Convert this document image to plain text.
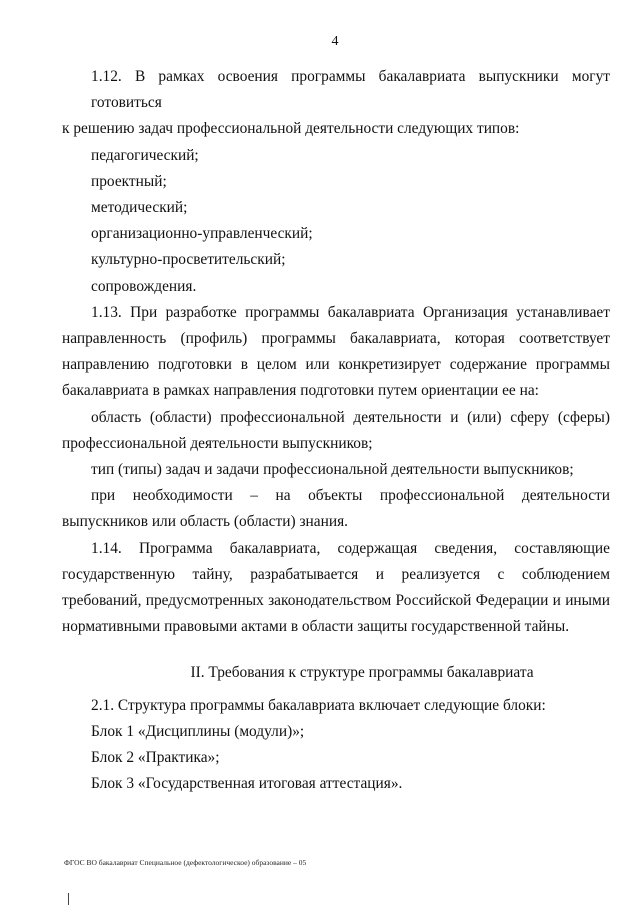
4

1.12. В рамках освоения программы бакалавриата выпускники могут готовиться

к решению задач профессиональной деятельности следующих типов:

педагогический;

проектный;

методический;

организационно-управленческий;

культурно-просветительский;

сопровождения.

1.13. При разработке программы бакалавриата Организация устанавливает направленность (профиль) программы бакалавриата, которая соответствует направлению подготовки в целом или конкретизирует содержание программы бакалавриата в рамках направления подготовки путем ориентации ее на:

область (области) профессиональной деятельности и (или) сферу (сферы) профессиональной деятельности выпускников;

тип (типы) задач и задачи профессиональной деятельности выпускников;

при необходимости – на объекты профессиональной деятельности выпускников или область (области) знания.

1.14. Программа бакалавриата, содержащая сведения, составляющие государственную тайну, разрабатывается и реализуется с соблюдением требований, предусмотренных законодательством Российской Федерации и иными нормативными правовыми актами в области защиты государственной тайны.

II. Требования к структуре программы бакалавриата

2.1. Структура программы бакалавриата включает следующие блоки:

Блок 1 «Дисциплины (модули)»;

Блок 2 «Практика»;

Блок 3 «Государственная итоговая аттестация».

ФГОС ВО бакалавриат Специальное (дефектологическое) образование – 05
